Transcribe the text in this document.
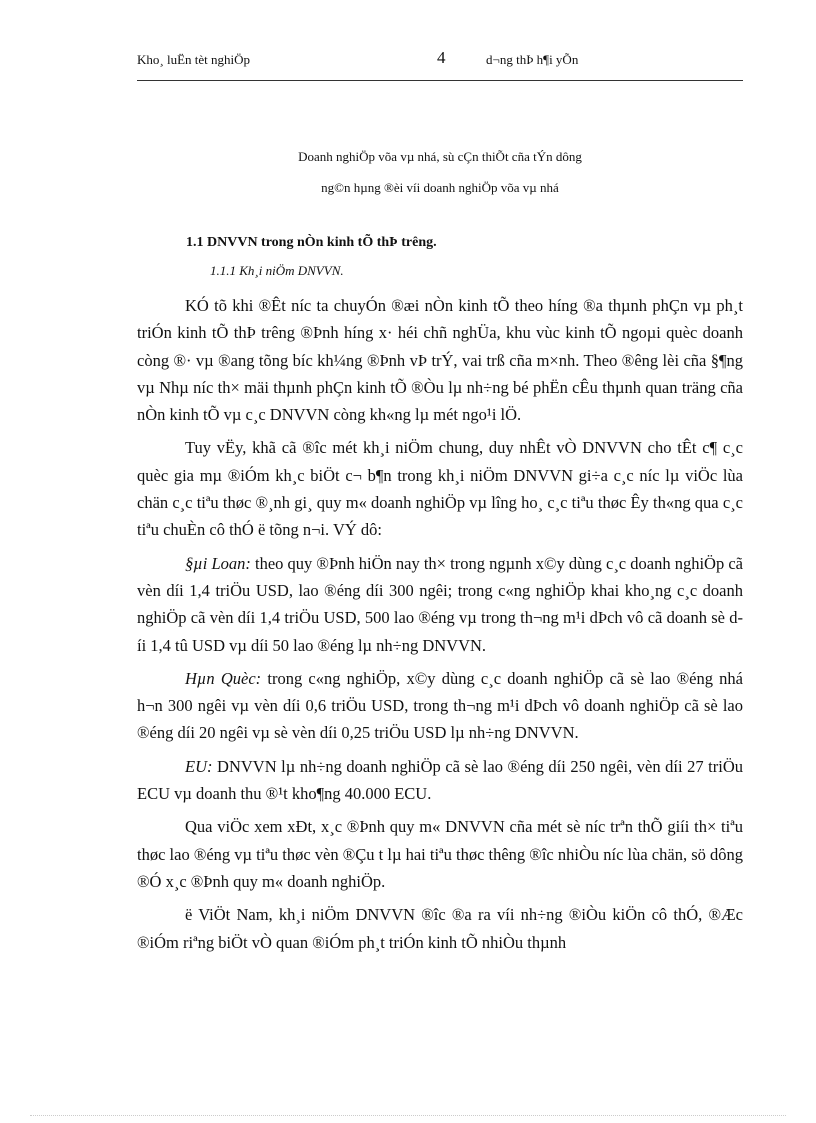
Kho¸ luËn tèt nghiÖp	4	d¬ng thÞ h¶i yÕn
Doanh nghiÖp võa vµ nhá, sù cÇn thiÕt cña tÝn dông
ng©n hµng ®èi víi doanh nghiÖp võa vµ nhá
1.1 DNVVN trong nÒn kinh tÕ thÞ trêng.
1.1.1 Kh¸i niÖm DNVVN.

KÓ tõ khi ®Êt níc ta chuyÓn ®æi nÒn kinh tÕ theo híng ®a thµnh phÇn vµ ph¸t triÓn kinh tÕ thÞ trêng ®Þnh híng x· héi chñ nghÜa, khu vùc kinh tÕ ngoµi quèc doanh còng ®· vµ ®ang tõng bíc kh¼ng ®Þnh vÞ trÝ, vai trß cña m×nh. Theo ®êng lèi cña §¶ng vµ Nhµ níc th× mäi thµnh phÇn kinh tÕ ®Òu lµ nh÷ng bé phËn cÊu thµnh quan träng cña nÒn kinh tÕ vµ c¸c DNVVN còng kh«ng lµ mét ngo¹i lÖ.

Tuy vËy, khã cã ®îc mét kh¸i niÖm chung, duy nhÊt vÒ DNVVN cho tÊt c¶ c¸c quèc gia mµ ®iÓm kh¸c biÖt c¬ b¶n trong kh¸i niÖm DNVVN gi÷a c¸c níc lµ viÖc lùa chän c¸c tiªu thøc ®¸nh gi¸ quy m« doanh nghiÖp vµ lîng ho¸ c¸c tiªu thøc Êy th«ng qua c¸c tiªu chuÈn cô thÓ ë tõng n¬i. VÝ dô:

§µi Loan: theo quy ®Þnh hiÖn nay th× trong ngµnh x©y dùng c¸c doanh nghiÖp cã vèn díi 1,4 triÖu USD, lao ®éng díi 300 ngêi; trong c«ng nghiÖp khai kho¸ng c¸c doanh nghiÖp cã vèn díi 1,4 triÖu USD, 500 lao ®éng vµ trong th¬ng m¹i dÞch vô cã doanh sè díi 1,4 tû USD vµ díi 50 lao ®éng lµ nh÷ng DNVVN.

Hµn Quèc: trong c«ng nghiÖp, x©y dùng c¸c doanh nghiÖp cã sè lao ®éng nhá h¬n 300 ngêi vµ vèn díi 0,6 triÖu USD, trong th¬ng m¹i dÞch vô doanh nghiÖp cã sè lao ®éng díi 20 ngêi vµ sè vèn díi 0,25 triÖu USD lµ nh÷ng DNVVN.

EU: DNVVN lµ nh÷ng doanh nghiÖp cã sè lao ®éng díi 250 ngêi, vèn díi 27 triÖu ECU vµ doanh thu ®¹t kho¶ng 40.000 ECU.

Qua viÖc xem xÐt, x¸c ®Þnh quy m« DNVVN cña mét sè níc trªn thÕ giíi th× tiªu thøc lao ®éng vµ tiªu thøc vèn ®Çu t lµ hai tiªu thøc thêng ®îc nhiÒu níc lùa chän, sö dông ®Ó x¸c ®Þnh quy m« doanh nghiÖp.

ë ViÖt Nam, kh¸i niÖm DNVVN ®îc ®a ra víi nh÷ng ®iÒu kiÖn cô thÓ, ®Æc ®iÓm riªng biÖt vÒ quan ®iÓm ph¸t triÓn kinh tÕ nhiÒu thµnh
